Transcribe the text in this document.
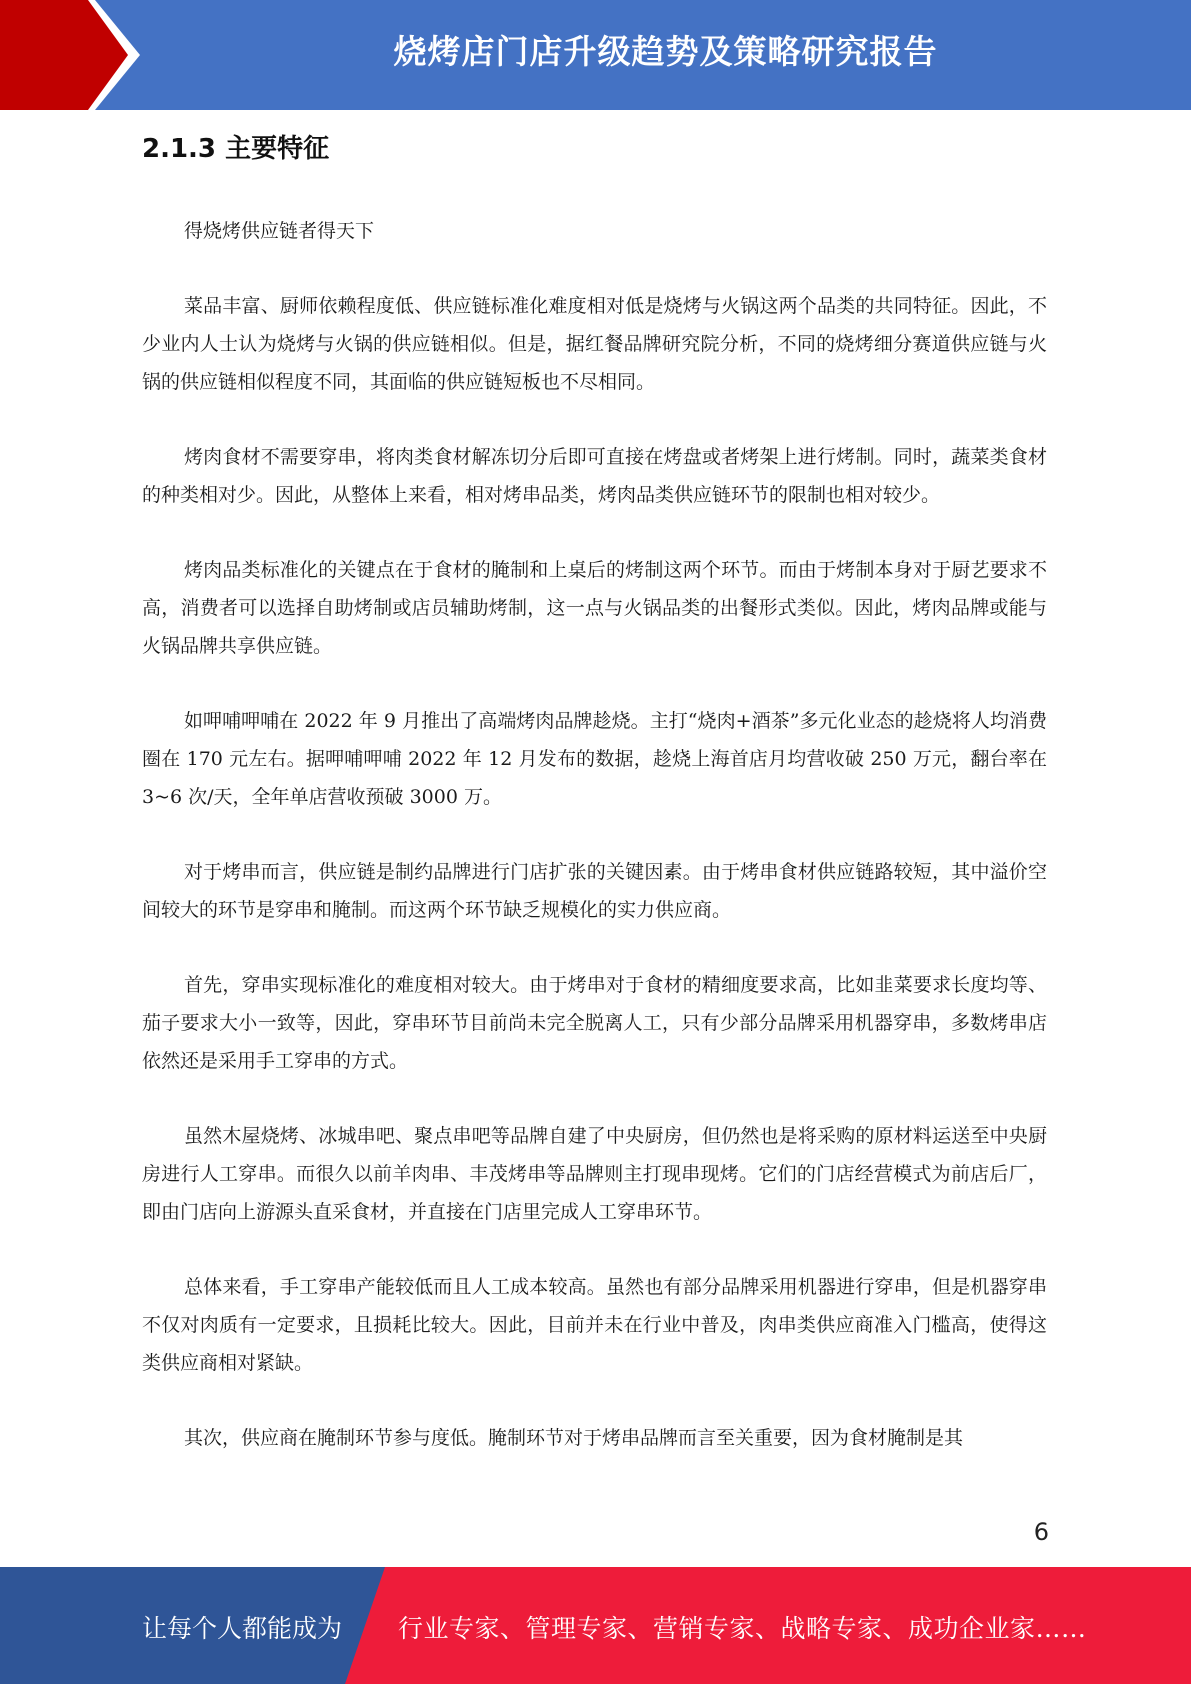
烧烤店门店升级趋势及策略研究报告
2.1.3 主要特征

得烧烤供应链者得天下

菜品丰富、厨师依赖程度低、供应链标准化难度相对低是烧烤与火锅这两个品类的共同特征。因此，不少业内人士认为烧烤与火锅的供应链相似。但是，据红餐品牌研究院分析，不同的烧烤细分赛道供应链与火锅的供应链相似程度不同，其面临的供应链短板也不尽相同。

烤肉食材不需要穿串，将肉类食材解冻切分后即可直接在烤盘或者烤架上进行烤制。同时，蔬菜类食材的种类相对少。因此，从整体上来看，相对烤串品类，烤肉品类供应链环节的限制也相对较少。

烤肉品类标准化的关键点在于食材的腌制和上桌后的烤制这两个环节。而由于烤制本身对于厨艺要求不高，消费者可以选择自助烤制或店员辅助烤制，这一点与火锅品类的出餐形式类似。因此，烤肉品牌或能与火锅品牌共享供应链。

如呷哺呷哺在 2022 年 9 月推出了高端烤肉品牌趁烧。主打“烧肉+酒茶”多元化业态的趁烧将人均消费圈在 170 元左右。据呷哺呷哺 2022 年 12 月发布的数据，趁烧上海首店月均营收破 250 万元，翻台率在 3~6 次/天，全年单店营收预破 3000 万。

对于烤串而言，供应链是制约品牌进行门店扩张的关键因素。由于烤串食材供应链路较短，其中溢价空间较大的环节是穿串和腌制。而这两个环节缺乏规模化的实力供应商。

首先，穿串实现标准化的难度相对较大。由于烤串对于食材的精细度要求高，比如韭菜要求长度均等、茄子要求大小一致等，因此，穿串环节目前尚未完全脱离人工，只有少部分品牌采用机器穿串，多数烤串店依然还是采用手工穿串的方式。

虽然木屋烧烤、冰城串吧、聚点串吧等品牌自建了中央厨房，但仍然也是将采购的原材料运送至中央厨房进行人工穿串。而很久以前羊肉串、丰茂烤串等品牌则主打现串现烤。它们的门店经营模式为前店后厂，即由门店向上游源头直采食材，并直接在门店里完成人工穿串环节。

总体来看，手工穿串产能较低而且人工成本较高。虽然也有部分品牌采用机器进行穿串，但是机器穿串不仅对肉质有一定要求，且损耗比较大。因此，目前并未在行业中普及，肉串类供应商准入门槛高，使得这类供应商相对紧缺。

其次，供应商在腌制环节参与度低。腌制环节对于烤串品牌而言至关重要，因为食材腌制是其

6
让每个人都能成为 行业专家、管理专家、营销专家、战略专家、成功企业家……
